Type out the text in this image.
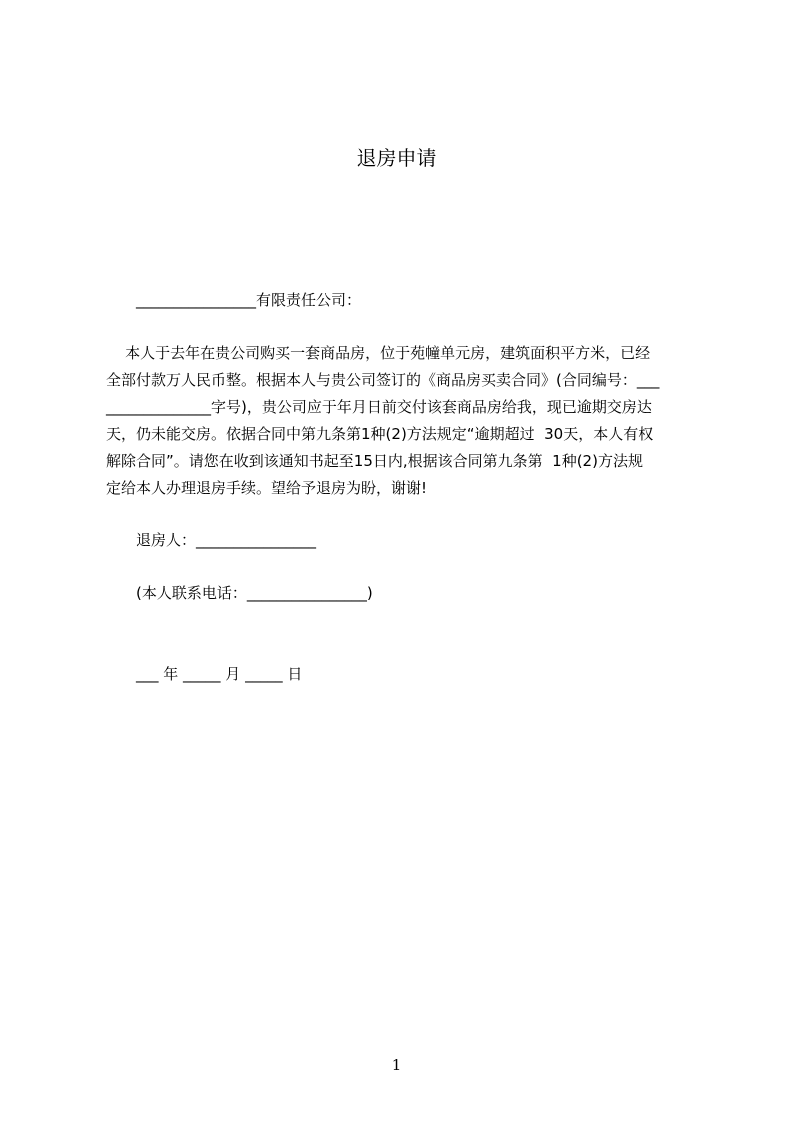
退房申请

________________有限责任公司：

本人于去年在贵公司购买一套商品房，位于苑幢单元房，建筑面积平方米，已经

全部付款万人民币整。根据本人与贵公司签订的《商品房买卖合同》(合同编号：___

______________字号)，贵公司应于年月日前交付该套商品房给我，现已逾期交房达

天，仍未能交房。依据合同中第九条第1种(2)方法规定“逾期超过  30天，本人有权

解除合同”。请您在收到该通知书起至15日内,根据该合同第九条第  1种(2)方法规

定给本人办理退房手续。望给予退房为盼，谢谢!

退房人：________________

(本人联系电话：________________)

___ 年 _____ 月 _____ 日

1
